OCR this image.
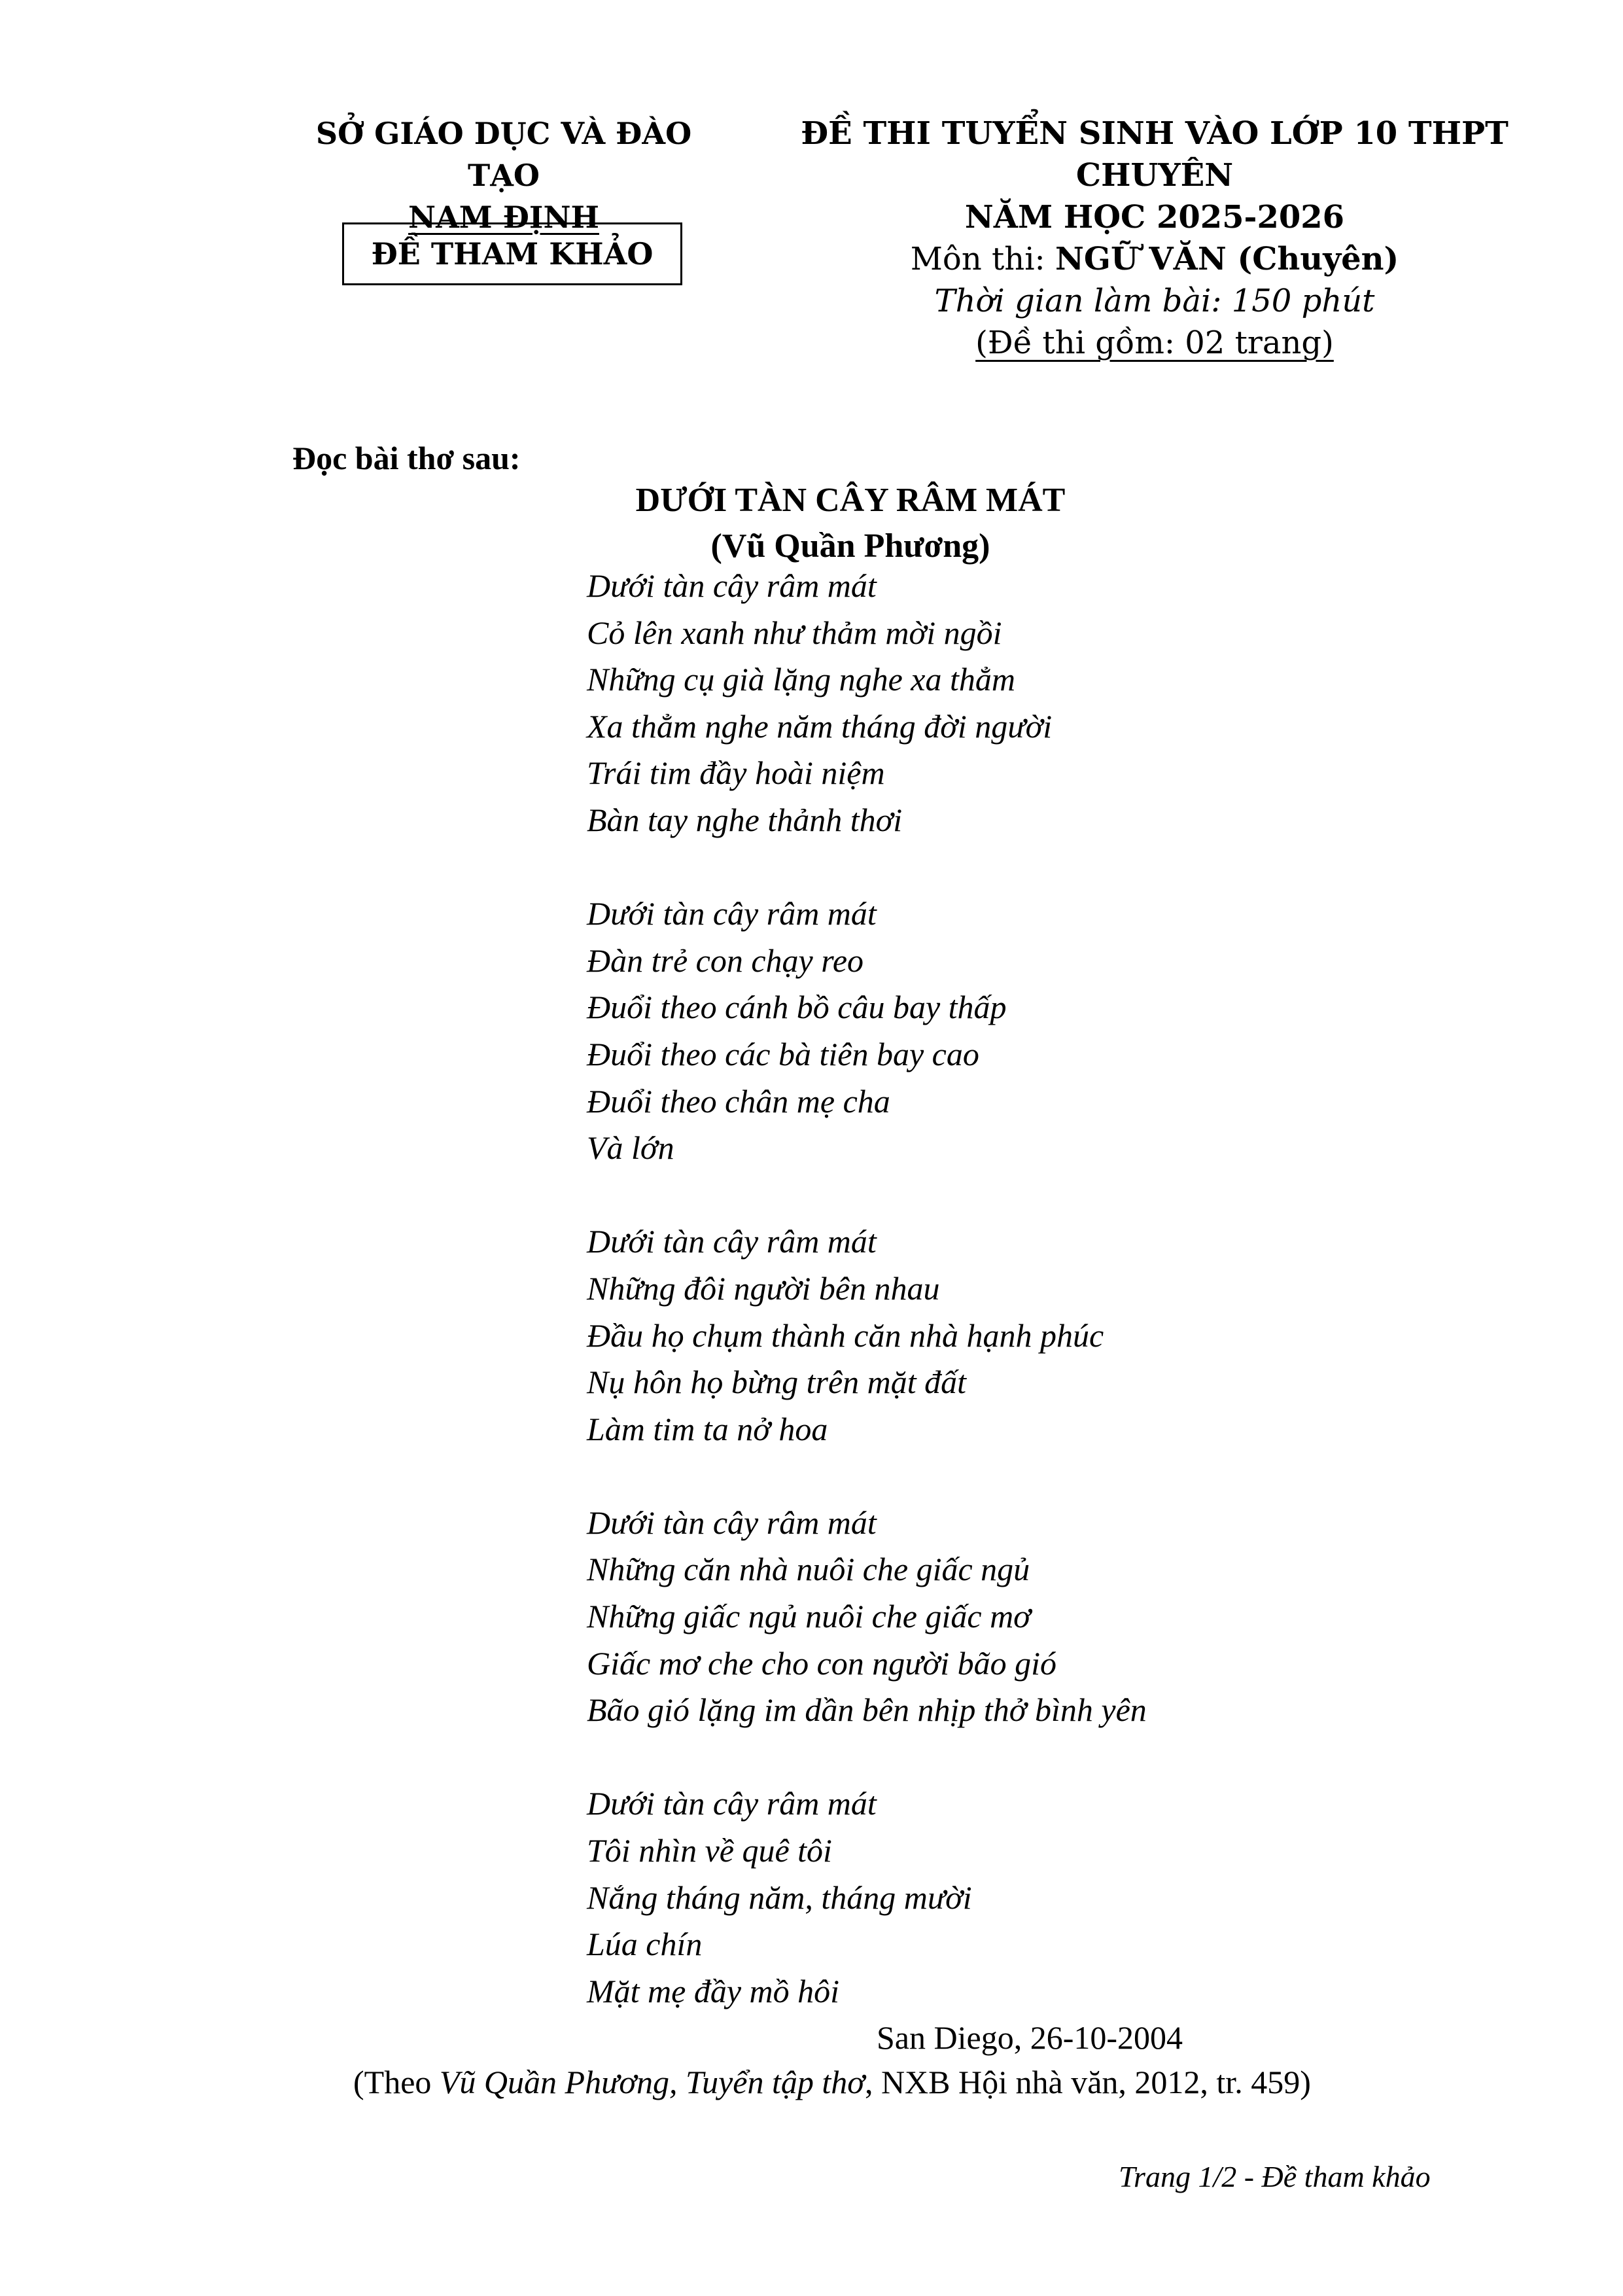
SỞ GIÁO DỤC VÀ ĐÀO TẠO
NAM ĐỊNH
ĐỀ THAM KHẢO
ĐỀ THI TUYỂN SINH VÀO LỚP 10 THPT CHUYÊN
NĂM HỌC 2025-2026
Môn thi: NGỮ VĂN (Chuyên)
Thời gian làm bài: 150 phút
(Đề thi gồm: 02 trang)
Đọc bài thơ sau:
DƯỚI TÀN CÂY RÂM MÁT
(Vũ Quần Phương)
Dưới tàn cây râm mát
Cỏ lên xanh như thảm mời ngồi
Những cụ già lặng nghe xa thẳm
Xa thẳm nghe năm tháng đời người
Trái tim đầy hoài niệm
Bàn tay nghe thảnh thơi
Dưới tàn cây râm mát
Đàn trẻ con chạy reo
Đuổi theo cánh bồ câu bay thấp
Đuổi theo các bà tiên bay cao
Đuổi theo chân mẹ cha
Và lớn
Dưới tàn cây râm mát
Những đôi người bên nhau
Đầu họ chụm thành căn nhà hạnh phúc
Nụ hôn họ bừng trên mặt đất
Làm tim ta nở hoa
Dưới tàn cây râm mát
Những căn nhà nuôi che giấc ngủ
Những giấc ngủ nuôi che giấc mơ
Giấc mơ che cho con người bão gió
Bão gió lặng im dần bên nhịp thở bình yên
Dưới tàn cây râm mát
Tôi nhìn về quê tôi
Nắng tháng năm, tháng mười
Lúa chín
Mặt mẹ đầy mồ hôi
San Diego, 26-10-2004
(Theo Vũ Quần Phương, Tuyển tập thơ, NXB Hội nhà văn, 2012, tr. 459)
Trang 1/2 - Đề tham khảo
